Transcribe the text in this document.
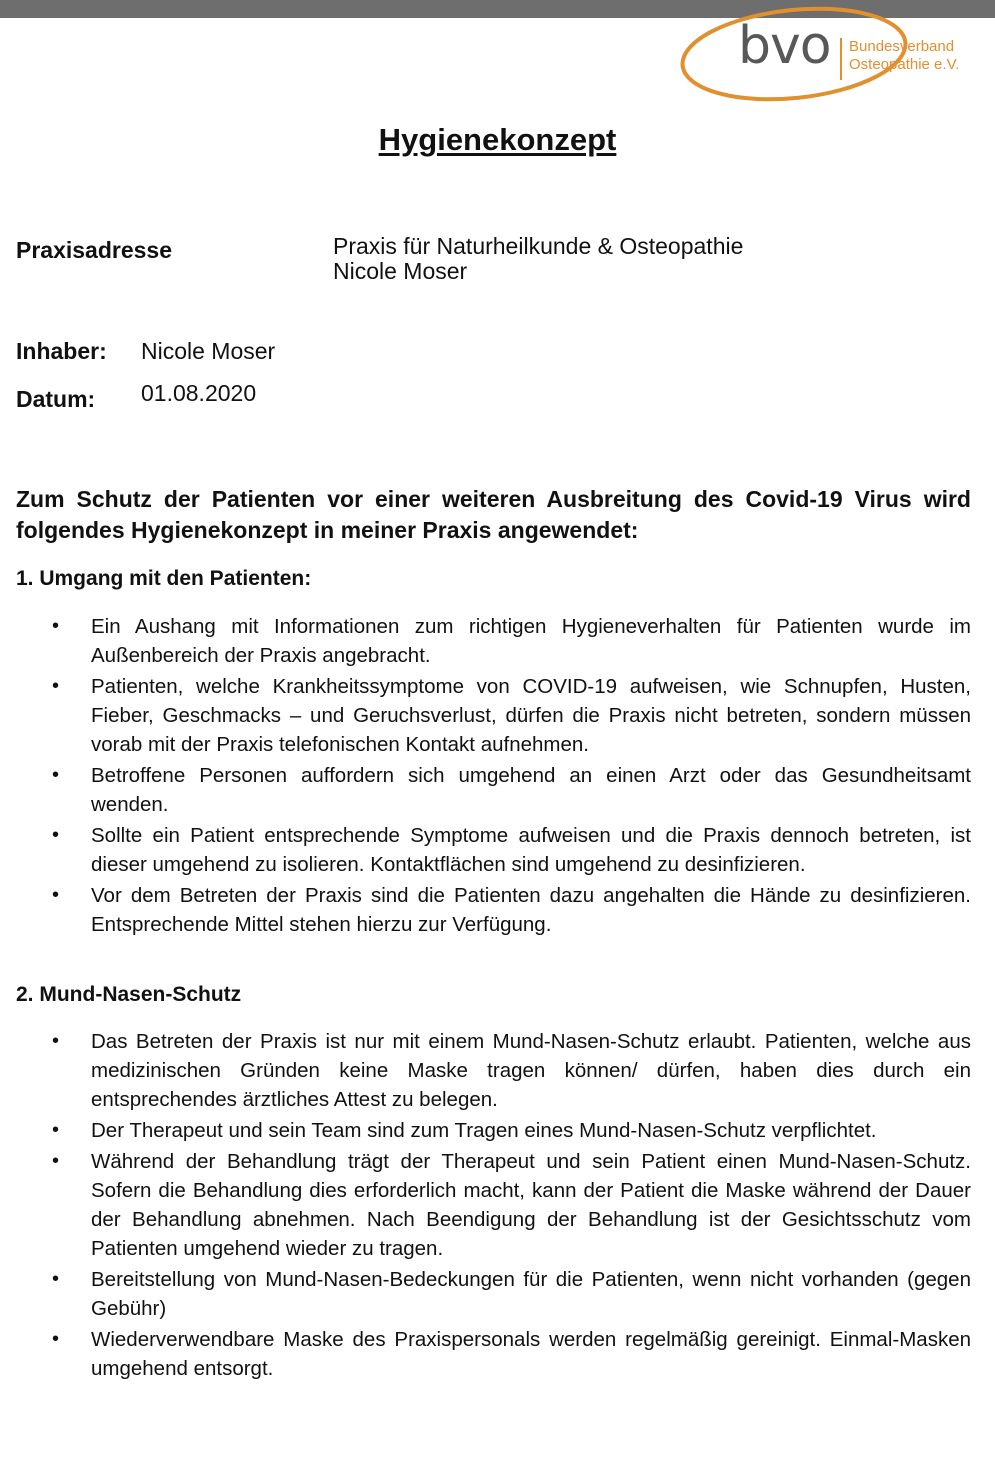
bvo Bundesverband
Osteopathie e.V.
Hygienekonzept
Praxisadresse	Praxis für Naturheilkunde & Osteopathie
Nicole Moser
Inhaber: Nicole Moser
Datum: 01.08.2020
Zum Schutz der Patienten vor einer weiteren Ausbreitung des Covid-19 Virus wird folgendes Hygienekonzept in meiner Praxis angewendet:
1. Umgang mit den Patienten:
• Ein Aushang mit Informationen zum richtigen Hygieneverhalten für Patienten wurde im Außenbereich der Praxis angebracht.
• Patienten, welche Krankheitssymptome von COVID-19 aufweisen, wie Schnupfen, Husten, Fieber, Geschmacks – und Geruchsverlust, dürfen die Praxis nicht betreten, sondern müssen vorab mit der Praxis telefonischen Kontakt aufnehmen.
• Betroffene Personen auffordern sich umgehend an einen Arzt oder das Gesundheitsamt wenden.
• Sollte ein Patient entsprechende Symptome aufweisen und die Praxis dennoch betreten, ist dieser umgehend zu isolieren. Kontaktflächen sind umgehend zu desinfizieren.
• Vor dem Betreten der Praxis sind die Patienten dazu angehalten die Hände zu desinfizieren. Entsprechende Mittel stehen hierzu zur Verfügung.
2. Mund-Nasen-Schutz
• Das Betreten der Praxis ist nur mit einem Mund-Nasen-Schutz erlaubt. Patienten, welche aus medizinischen Gründen keine Maske tragen können/ dürfen, haben dies durch ein entsprechendes ärztliches Attest zu belegen.
• Der Therapeut und sein Team sind zum Tragen eines Mund-Nasen-Schutz verpflichtet.
• Während der Behandlung trägt der Therapeut und sein Patient einen Mund-Nasen-Schutz. Sofern die Behandlung dies erforderlich macht, kann der Patient die Maske während der Dauer der Behandlung abnehmen. Nach Beendigung der Behandlung ist der Gesichtsschutz vom Patienten umgehend wieder zu tragen.
• Bereitstellung von Mund-Nasen-Bedeckungen für die Patienten, wenn nicht vorhanden (gegen Gebühr)
• Wiederverwendbare Maske des Praxispersonals werden regelmäßig gereinigt. Einmal-Masken umgehend entsorgt.
